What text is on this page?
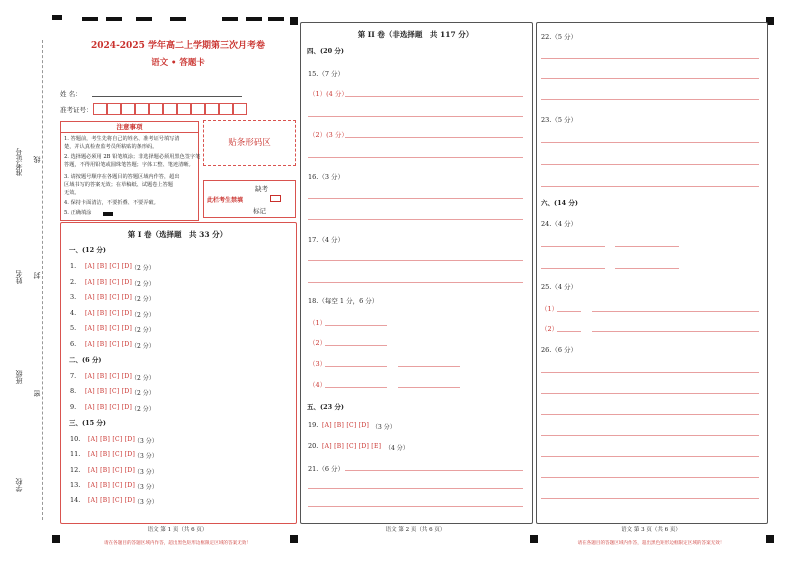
准考证号 线
姓名 封
班级
密
学校
2024-2025 学年高二上学期第三次月考卷
语文 • 答题卡
姓 名：
准考证号：
注意事项
1. 答题前，考生先将自己的姓名、准考证号填写清
楚，并认真检查监考员所粘贴的条形码。
2. 选择题必须用 2B 铅笔填涂；非选择题必须用黑色签字笔
答题，不得用铅笔或圆珠笔答题；字体工整、笔迹清晰。
3. 请按题号顺序在各题目的答题区域内作答，超出
区域书写的答案无效；在草稿纸、试题卷上答题
无效。
4. 保持卡面清洁，不要折叠、不要弄破。
5. 正确填涂
贴条形码区
缺考
此栏考生禁填
标记
第 I 卷（选择题　共 33 分）
一、(12 分)
1. [A] [B] [C] [D]
（2 分）
2. [A] [B] [C] [D]
（2 分）
3. [A] [B] [C] [D]
（2 分）
4. [A] [B] [C] [D]
（2 分）
5. [A] [B] [C] [D]
（2 分）
6. [A] [B] [C] [D]
（2 分）
二、(6 分)
7. [A] [B] [C] [D]
（2 分）
8. [A] [B] [C] [D]
（2 分）
9. [A] [B] [C] [D]
（2 分）
三、(15 分)
10. [A] [B] [C] [D]
（3 分）
11. [A] [B] [C] [D]
（3 分）
12. [A] [B] [C] [D]
（3 分）
13. [A] [B] [C] [D]
（3 分）
14. [A] [B] [C] [D]
（3 分）
语文 第 1 页（共 6 页）
请在各题目的答题区域内作答，超出黑色矩形边框限定区域的答案无效！
第 II 卷（非选择题　共 117 分）
四、(20 分)
15.（7 分）
（1）(4 分）
（2）(3 分）
16.（3 分）
17.（4 分）
18.（每空 1 分，6 分）
（1）
（2）
（3）
（4）
五、(23 分)
19. [A] [B] [C] [D] （3 分）
20. [A] [B] [C] [D] [E] （4 分）
21.（6 分）
语文 第 2 页（共 6 页）
22.（5 分）
23.（5 分）
六、(14 分)
24.（4 分）
25.（4 分）
（1）
（2）
26.（6 分）
语文 第 3 页（共 6 页）
请在各题目的答题区域内作答，超出黑色矩形边框限定区域的答案无效！
